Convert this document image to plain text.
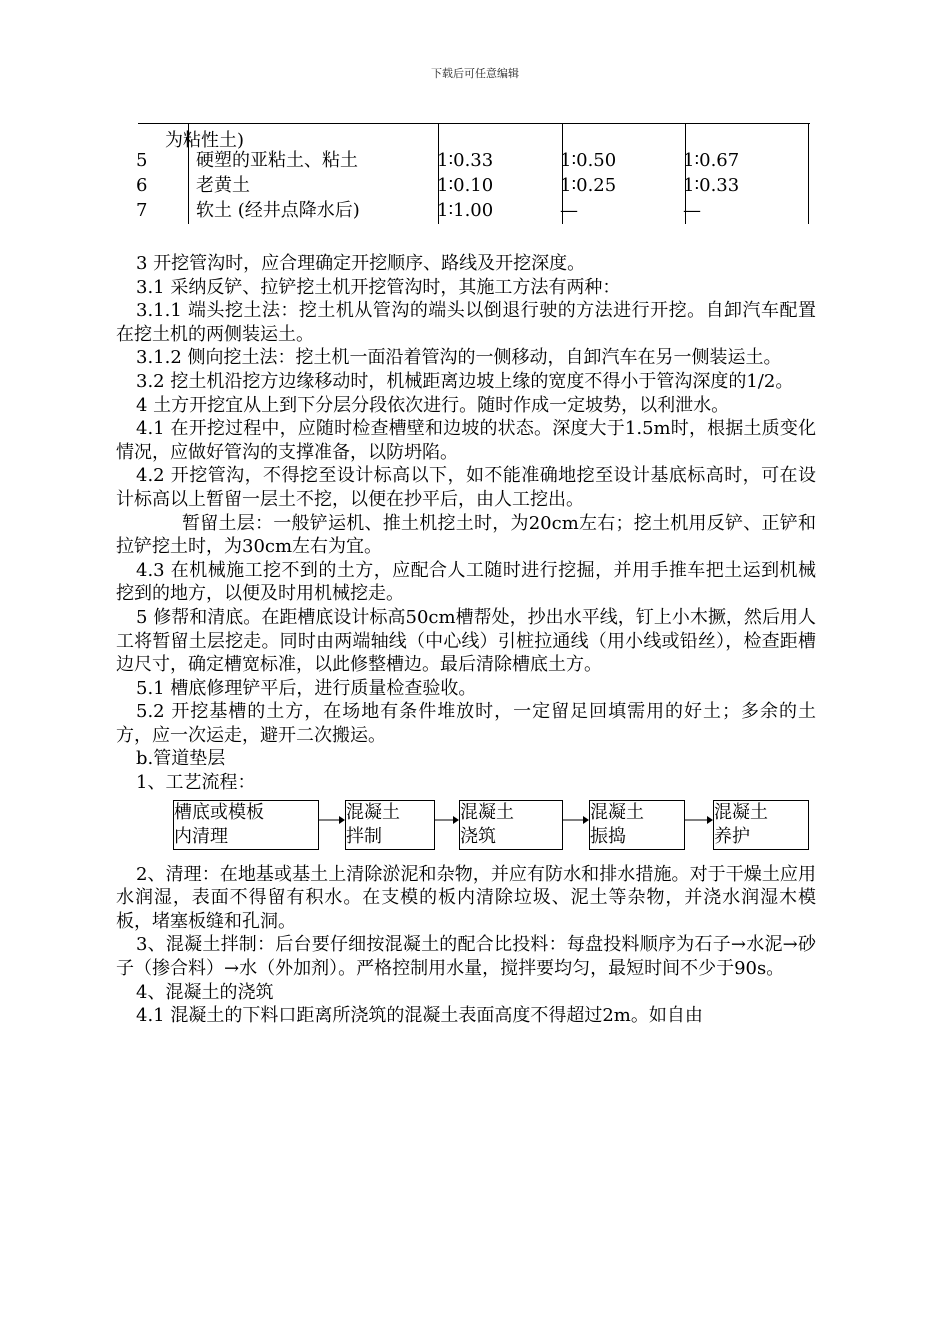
下载后可任意编辑
为粘性土)
5	硬塑的亚粘土、粘土	1∶0.33	1∶0.50	1∶0.67
6	老黄土	1∶0.10	1∶0.25	1∶0.33
7	软土 (经井点降水后)	1∶1.00	—	—

3 开挖管沟时，应合理确定开挖顺序、路线及开挖深度。

3.1 采纳反铲、拉铲挖土机开挖管沟时，其施工方法有两种：

3.1.1 端头挖土法：挖土机从管沟的端头以倒退行驶的方法进行开挖。自卸汽车配置在挖土机的两侧装运土。

3.1.2 侧向挖土法：挖土机一面沿着管沟的一侧移动，自卸汽车在另一侧装运土。

3.2 挖土机沿挖方边缘移动时，机械距离边坡上缘的宽度不得小于管沟深度的1/2。

4 土方开挖宜从上到下分层分段依次进行。随时作成一定坡势，以利泄水。

4.1 在开挖过程中，应随时检查槽壁和边坡的状态。深度大于1.5m时，根据土质变化情况，应做好管沟的支撑准备，以防坍陷。

4.2 开挖管沟，不得挖至设计标高以下，如不能准确地挖至设计基底标高时，可在设计标高以上暂留一层土不挖，以便在抄平后，由人工挖出。

暂留土层：一般铲运机、推土机挖土时，为20cm左右；挖土机用反铲、正铲和拉铲挖土时，为30cm左右为宜。

4.3 在机械施工挖不到的土方，应配合人工随时进行挖掘，并用手推车把土运到机械挖到的地方，以便及时用机械挖走。

5 修帮和清底。在距槽底设计标高50cm槽帮处，抄出水平线，钉上小木撅，然后用人工将暂留土层挖走。同时由两端轴线（中心线）引桩拉通线（用小线或铅丝），检查距槽边尺寸，确定槽宽标准，以此修整槽边。最后清除槽底土方。

5.1 槽底修理铲平后，进行质量检查验收。

5.2 开挖基槽的土方，在场地有条件堆放时，一定留足回填需用的好土；多余的土方，应一次运走，避开二次搬运。

b.管道垫层

1、工艺流程：

槽底或模板
内清理
混凝土
拌制
混凝土
浇筑
混凝土
振捣
混凝土
养护

2、清理：在地基或基土上清除淤泥和杂物，并应有防水和排水措施。对于干燥土应用水润湿，表面不得留有积水。在支模的板内清除垃圾、泥土等杂物，并浇水润湿木模板，堵塞板缝和孔洞。

3、混凝土拌制：后台要仔细按混凝土的配合比投料：每盘投料顺序为石子→水泥→砂子（掺合料）→水（外加剂）。严格控制用水量，搅拌要均匀，最短时间不少于90s。

4、混凝土的浇筑

4.1 混凝土的下料口距离所浇筑的混凝土表面高度不得超过2m。如自由
